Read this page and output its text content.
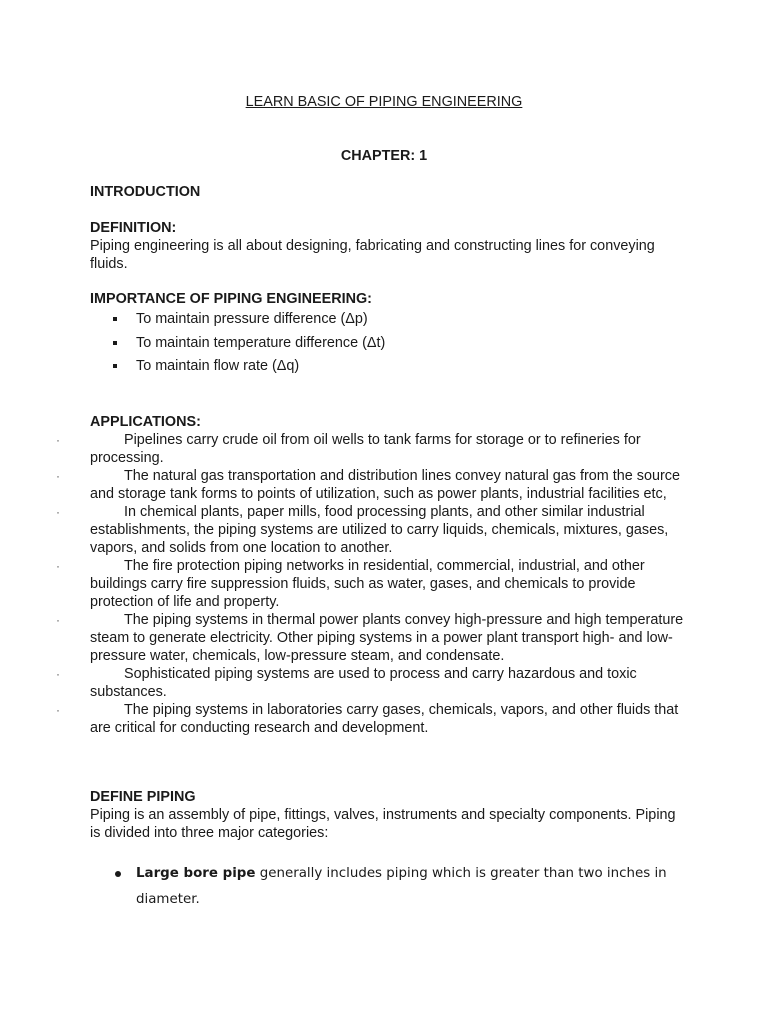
LEARN BASIC OF PIPING ENGINEERING
CHAPTER: 1
INTRODUCTION
DEFINITION:
Piping engineering is all about designing, fabricating and constructing lines for conveying fluids.
IMPORTANCE OF PIPING ENGINEERING:
To maintain pressure difference (Δp)
To maintain temperature difference (Δt)
To maintain flow rate (Δq)
APPLICATIONS:
·	Pipelines carry crude oil from oil wells to tank farms for storage or to refineries for processing.
·	The natural gas transportation and distribution lines convey natural gas from the source and storage tank forms to points of utilization, such as power plants, industrial facilities etc,
·	In chemical plants, paper mills, food processing plants, and other similar industrial establishments, the piping systems are utilized to carry liquids, chemicals, mixtures, gases, vapors, and solids from one location to another.
·	The fire protection piping networks in residential, commercial, industrial, and other buildings carry fire suppression fluids, such as water, gases, and chemicals to provide protection of life and property.
·	The piping systems in thermal power plants convey high-pressure and high temperature steam to generate electricity. Other piping systems in a power plant transport high- and low-pressure water, chemicals, low-pressure steam, and condensate.
·	Sophisticated piping systems are used to process and carry hazardous and toxic substances.
·	The piping systems in laboratories carry gases, chemicals, vapors, and other fluids that are critical for conducting research and development.
DEFINE PIPING
Piping is an assembly of pipe, fittings, valves, instruments and specialty components. Piping is divided into three major categories:
Large bore pipe generally includes piping which is greater than two inches in diameter.
